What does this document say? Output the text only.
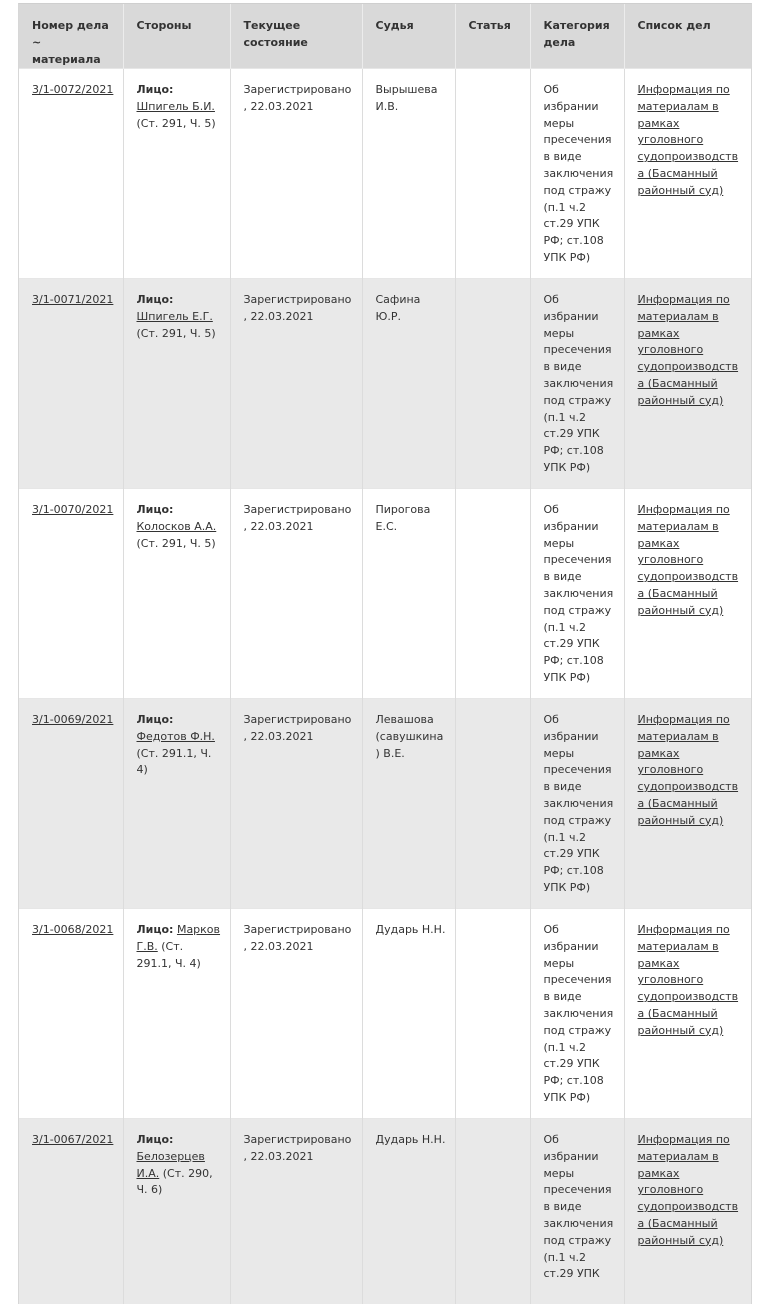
Номер дела ~ материала	Стороны	Текущее состояние	Судья	Статья	Категория дела	Список дел
3/1-0072/2021	Лицо:
Шпигель Б.И.
(Ст. 291, Ч. 5)	Зарегистрировано, 22.03.2021	Вырышева И.В.		Об избрании меры пресечения в виде заключения под стражу (п.1 ч.2 ст.29 УПК РФ; ст.108 УПК РФ)	Информация по материалам в рамках уголовного судопроизводства (Басманный районный суд)
3/1-0071/2021	Лицо:
Шпигель Е.Г.
(Ст. 291, Ч. 5)	Зарегистрировано, 22.03.2021	Сафина Ю.Р.		Об избрании меры пресечения в виде заключения под стражу (п.1 ч.2 ст.29 УПК РФ; ст.108 УПК РФ)	Информация по материалам в рамках уголовного судопроизводства (Басманный районный суд)
3/1-0070/2021	Лицо:
Колосков А.А.
(Ст. 291, Ч. 5)	Зарегистрировано, 22.03.2021	Пирогова Е.С.		Об избрании меры пресечения в виде заключения под стражу (п.1 ч.2 ст.29 УПК РФ; ст.108 УПК РФ)	Информация по материалам в рамках уголовного судопроизводства (Басманный районный суд)
3/1-0069/2021	Лицо:
Федотов Ф.Н.
(Ст. 291.1, Ч. 4)	Зарегистрировано, 22.03.2021	Левашова (савушкина) В.Е.		Об избрании меры пресечения в виде заключения под стражу (п.1 ч.2 ст.29 УПК РФ; ст.108 УПК РФ)	Информация по материалам в рамках уголовного судопроизводства (Басманный районный суд)
3/1-0068/2021	Лицо: Марков Г.В. (Ст. 291.1, Ч. 4)	Зарегистрировано, 22.03.2021	Дударь Н.Н.		Об избрании меры пресечения в виде заключения под стражу (п.1 ч.2 ст.29 УПК РФ; ст.108 УПК РФ)	Информация по материалам в рамках уголовного судопроизводства (Басманный районный суд)
3/1-0067/2021	Лицо:
Белозерцев И.А. (Ст. 290, Ч. 6)	Зарегистрировано, 22.03.2021	Дударь Н.Н.		Об избрании меры пресечения в виде заключения под стражу (п.1 ч.2 ст.29 УПК	Информация по материалам в рамках уголовного судопроизводства (Басманный районный суд)
